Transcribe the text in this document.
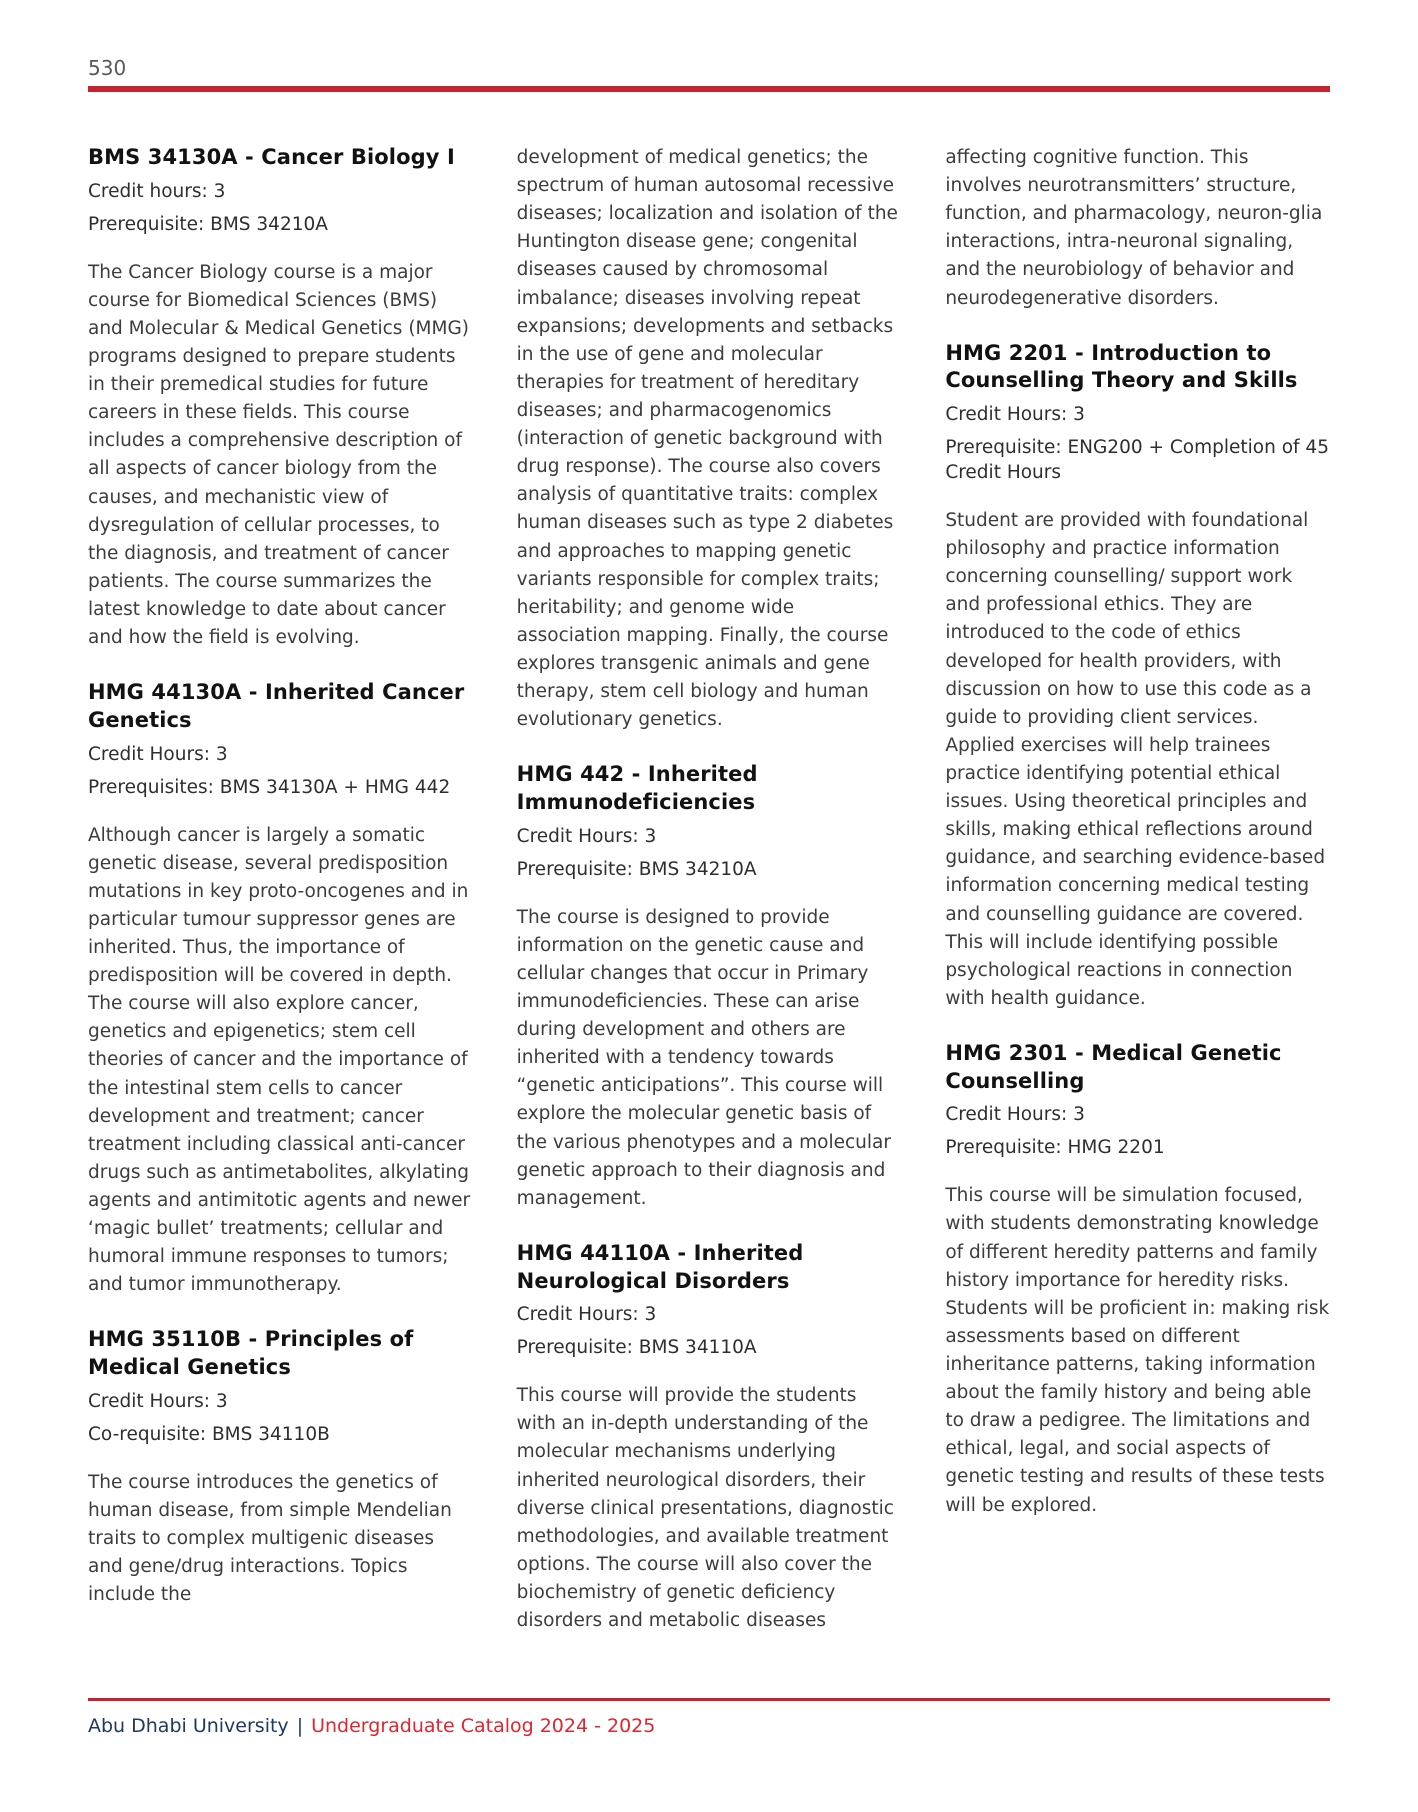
530

BMS 34130A - Cancer Biology I

Credit hours: 3

Prerequisite: BMS 34210A

The Cancer Biology course is a major course for Biomedical Sciences (BMS) and Molecular & Medical Genetics (MMG) programs designed to prepare students in their premedical studies for future careers in these fields. This course includes a comprehensive description of all aspects of cancer biology from the causes, and mechanistic view of dysregulation of cellular processes, to the diagnosis, and treatment of cancer patients. The course summarizes the latest knowledge to date about cancer and how the field is evolving.

HMG 44130A - Inherited Cancer Genetics

Credit Hours: 3

Prerequisites: BMS 34130A + HMG 442

Although cancer is largely a somatic genetic disease, several predisposition mutations in key proto-oncogenes and in particular tumour suppressor genes are inherited. Thus, the importance of predisposition will be covered in depth. The course will also explore cancer, genetics and epigenetics; stem cell theories of cancer and the importance of the intestinal stem cells to cancer development and treatment; cancer treatment including classical anti-cancer drugs such as antimetabolites, alkylating agents and antimitotic agents and newer ‘magic bullet’ treatments; cellular and humoral immune responses to tumors; and tumor immunotherapy.

HMG 35110B - Principles of Medical Genetics

Credit Hours: 3

Co-requisite: BMS 34110B

The course introduces the genetics of human disease, from simple Mendelian traits to complex multigenic diseases and gene/drug interactions. Topics include the

development of medical genetics; the spectrum of human autosomal recessive diseases; localization and isolation of the Huntington disease gene; congenital diseases caused by chromosomal imbalance; diseases involving repeat expansions; developments and setbacks in the use of gene and molecular therapies for treatment of hereditary diseases; and pharmacogenomics (interaction of genetic background with drug response). The course also covers analysis of quantitative traits: complex human diseases such as type 2 diabetes and approaches to mapping genetic variants responsible for complex traits; heritability; and genome wide association mapping. Finally, the course explores transgenic animals and gene therapy, stem cell biology and human evolutionary genetics.

HMG 442 - Inherited Immunodeficiencies

Credit Hours: 3

Prerequisite: BMS 34210A

The course is designed to provide information on the genetic cause and cellular changes that occur in Primary immunodeficiencies. These can arise during development and others are inherited with a tendency towards “genetic anticipations”. This course will explore the molecular genetic basis of the various phenotypes and a molecular genetic approach to their diagnosis and management.

HMG 44110A - Inherited Neurological Disorders

Credit Hours: 3

Prerequisite: BMS 34110A

This course will provide the students with an in-depth understanding of the molecular mechanisms underlying inherited neurological disorders, their diverse clinical presentations, diagnostic methodologies, and available treatment options. The course will also cover the biochemistry of genetic deficiency disorders and metabolic diseases

affecting cognitive function. This involves neurotransmitters’ structure, function, and pharmacology, neuron-glia interactions, intra-neuronal signaling, and the neurobiology of behavior and neurodegenerative disorders.

HMG 2201 - Introduction to Counselling Theory and Skills

Credit Hours: 3

Prerequisite: ENG200 + Completion of 45 Credit Hours

Student are provided with foundational philosophy and practice information concerning counselling/ support work and professional ethics. They are introduced to the code of ethics developed for health providers, with discussion on how to use this code as a guide to providing client services. Applied exercises will help trainees practice identifying potential ethical issues. Using theoretical principles and skills, making ethical reflections around guidance, and searching evidence-based information concerning medical testing and counselling guidance are covered. This will include identifying possible psychological reactions in connection with health guidance.

HMG 2301 - Medical Genetic Counselling

Credit Hours: 3

Prerequisite: HMG 2201

This course will be simulation focused, with students demonstrating knowledge of different heredity patterns and family history importance for heredity risks. Students will be proficient in: making risk assessments based on different inheritance patterns, taking information about the family history and being able to draw a pedigree. The limitations and ethical, legal, and social aspects of genetic testing and results of these tests will be explored.

Abu Dhabi University | Undergraduate Catalog 2024 - 2025
